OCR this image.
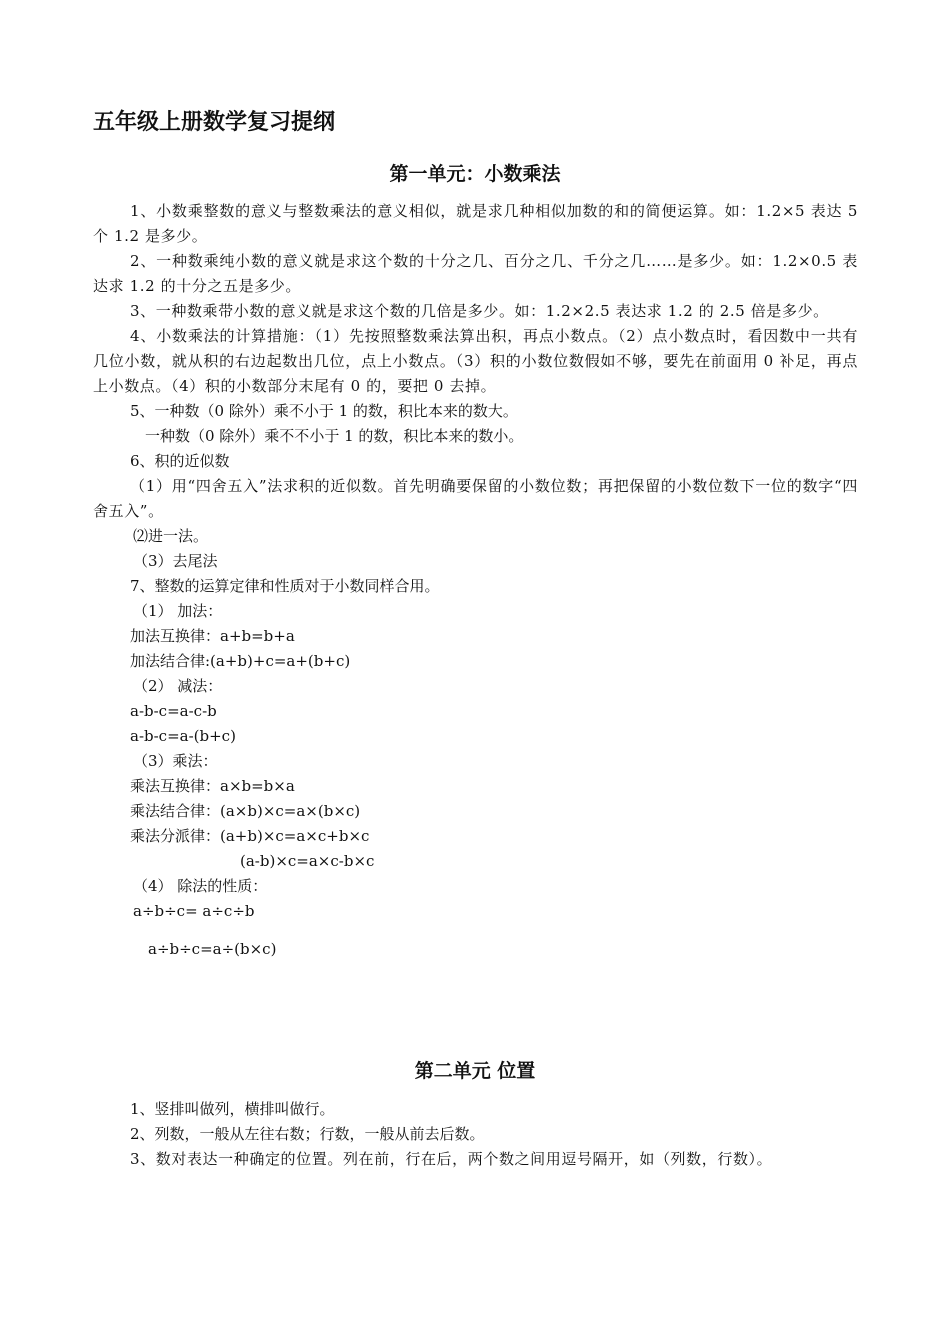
五年级上册数学复习提纲
第一单元：小数乘法

1、小数乘整数的意义与整数乘法的意义相似，就是求几种相似加数的和的简便运算。如：1.2×5 表达 5 个 1.2 是多少。

2、一种数乘纯小数的意义就是求这个数的十分之几、百分之几、千分之几……是多少。如：1.2×0.5 表达求 1.2 的十分之五是多少。

3、一种数乘带小数的意义就是求这个数的几倍是多少。如：1.2×2.5 表达求 1.2 的 2.5 倍是多少。

4、小数乘法的计算措施：（1）先按照整数乘法算出积，再点小数点。（2）点小数点时，看因数中一共有几位小数，就从积的右边起数出几位，点上小数点。（3）积的小数位数假如不够，要先在前面用 0 补足，再点上小数点。（4）积的小数部分末尾有 0 的，要把 0 去掉。

5、一种数（0 除外）乘不小于 1 的数，积比本来的数大。

一种数（0 除外）乘不不小于 1 的数，积比本来的数小。

6、积的近似数

（1）用“四舍五入”法求积的近似数。首先明确要保留的小数位数；再把保留的小数位数下一位的数字“四舍五入”。

⑵进一法。

（3）去尾法

7、整数的运算定律和性质对于小数同样合用。

（1） 加法：

加法互换律：a+b=b+a

加法结合律:(a+b)+c=a+(b+c)

（2） 减法：

a-b-c=a-c-b

a-b-c=a-(b+c)

（3）乘法：

乘法互换律：a×b=b×a

乘法结合律：(a×b)×c=a×(b×c)

乘法分派律：(a+b)×c=a×c+b×c

(a-b)×c=a×c-b×c

（4） 除法的性质：

a÷b÷c= a÷c÷b

a÷b÷c=a÷(b×c)

第二单元 位置

1、竖排叫做列，横排叫做行。

2、列数，一般从左往右数；行数，一般从前去后数。

3、数对表达一种确定的位置。列在前，行在后，两个数之间用逗号隔开，如（列数，行数）。
